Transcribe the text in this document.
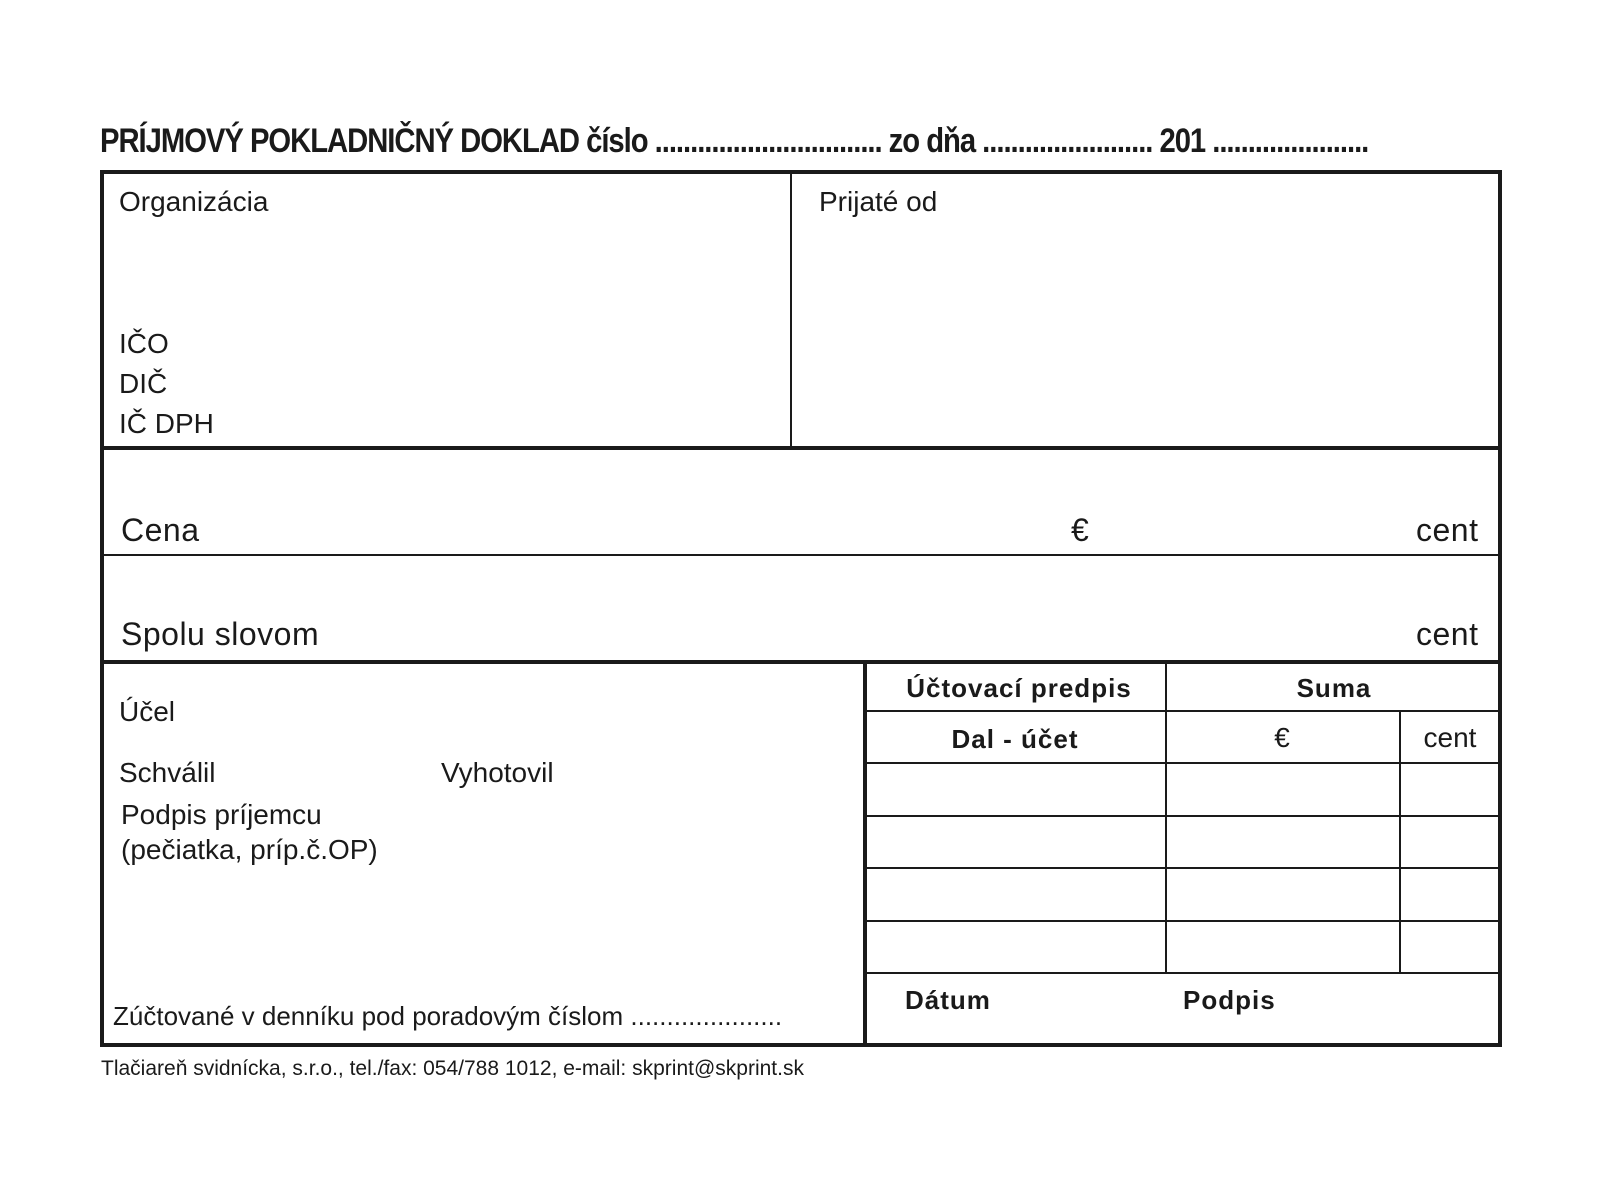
PRÍJMOVÝ POKLADNIČNÝ DOKLAD číslo ................................ zo dňa ........................ 201 ......................
Organizácia
IČO
DIČ
IČ DPH
Prijaté od
Cena	€	cent
Spolu slovom	cent
Účel
Schválil	Vyhotovil
Podpis príjemcu
(pečiatka, príp.č.OP)
Zúčtované v denníku pod poradovým číslom .....................
Účtovací predpis	Suma
Dal - účet	€	cent
Dátum	Podpis
Tlačiareň svidnícka, s.r.o., tel./fax: 054/788 1012, e-mail: skprint@skprint.sk
